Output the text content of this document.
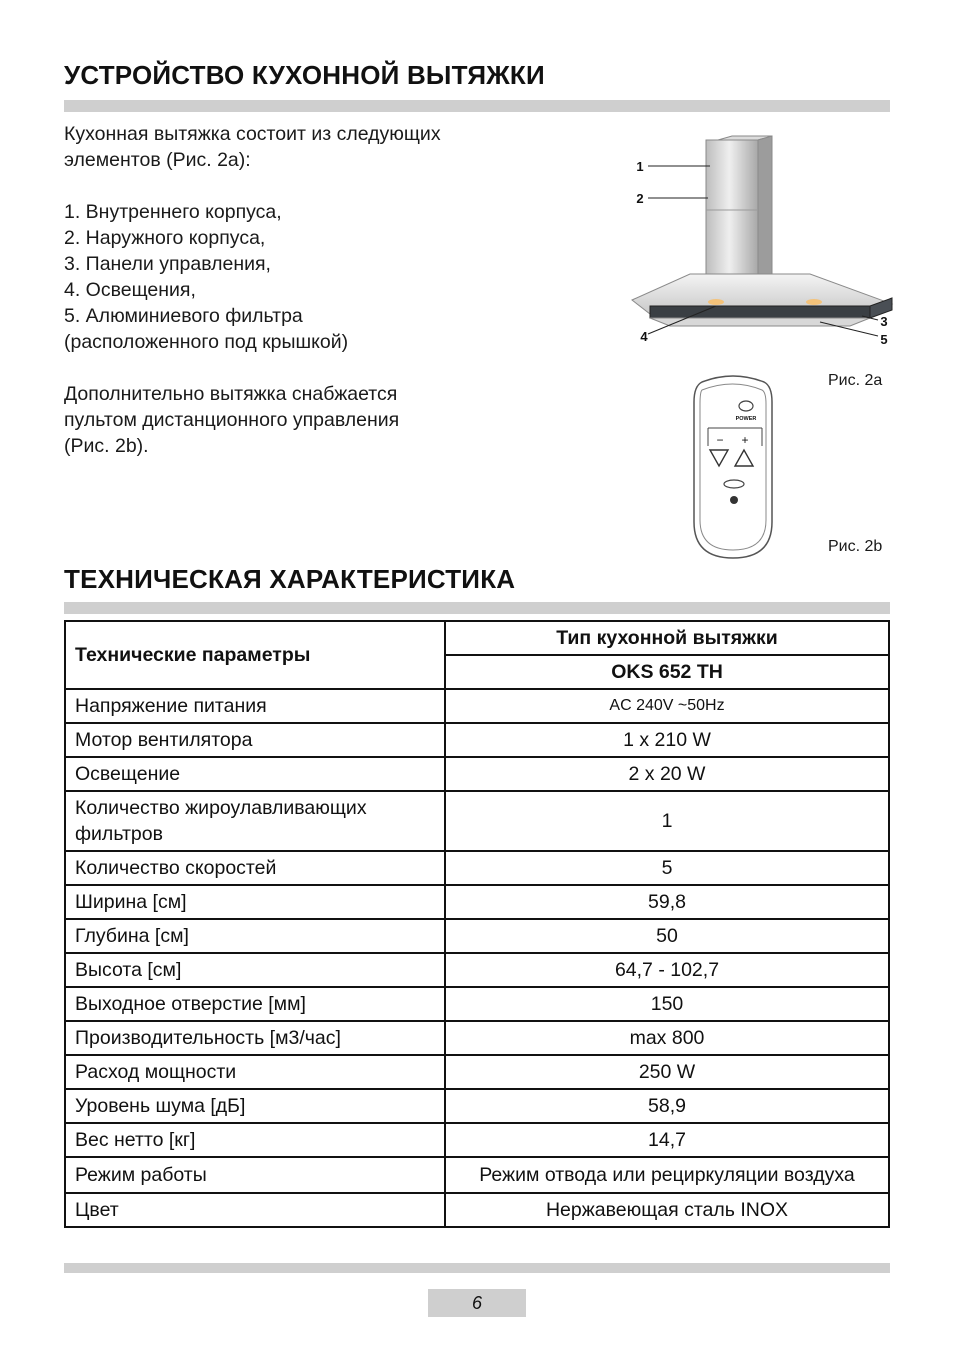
УСТРОЙСТВО КУХОННОЙ ВЫТЯЖКИ

Кухонная вытяжка состоит из следующих

элементов (Рис. 2а):

1. Внутреннего корпуса,

2. Наружного корпуса,

3. Панели управления,

4. Освещения,

5. Алюминиевого фильтра

(расположенного под крышкой)

Дополнительно вытяжка снабжается

пультом дистанционного управления

(Рис. 2b).

1
2
3
4	5
Рис. 2a
POWER
− +
Рис. 2b
ТЕХНИЧЕСКАЯ ХАРАКТЕРИСТИКА
Технические параметры	Тип кухонной вытяжки
	OKS 652 TH
Напряжение питания	AC 240V ~50Hz
Мотор вентилятора	1 x 210 W
Освещение	2 x 20 W
Количество жироулавливающих фильтров	1
Количество скоростей	5
Ширина [см]	59,8
Глубина [см]	50
Высота [см]	64,7 - 102,7
Выходное отверстие [мм]	150
Производительность [м3/час]	max 800
Расход мощности	250 W
Уровень шума [дБ]	58,9
Вес нетто [кг]	14,7
Режим работы	Режим отвода или рециркуляции воздуха
Цвет	Нержавеющая сталь INOX
6
